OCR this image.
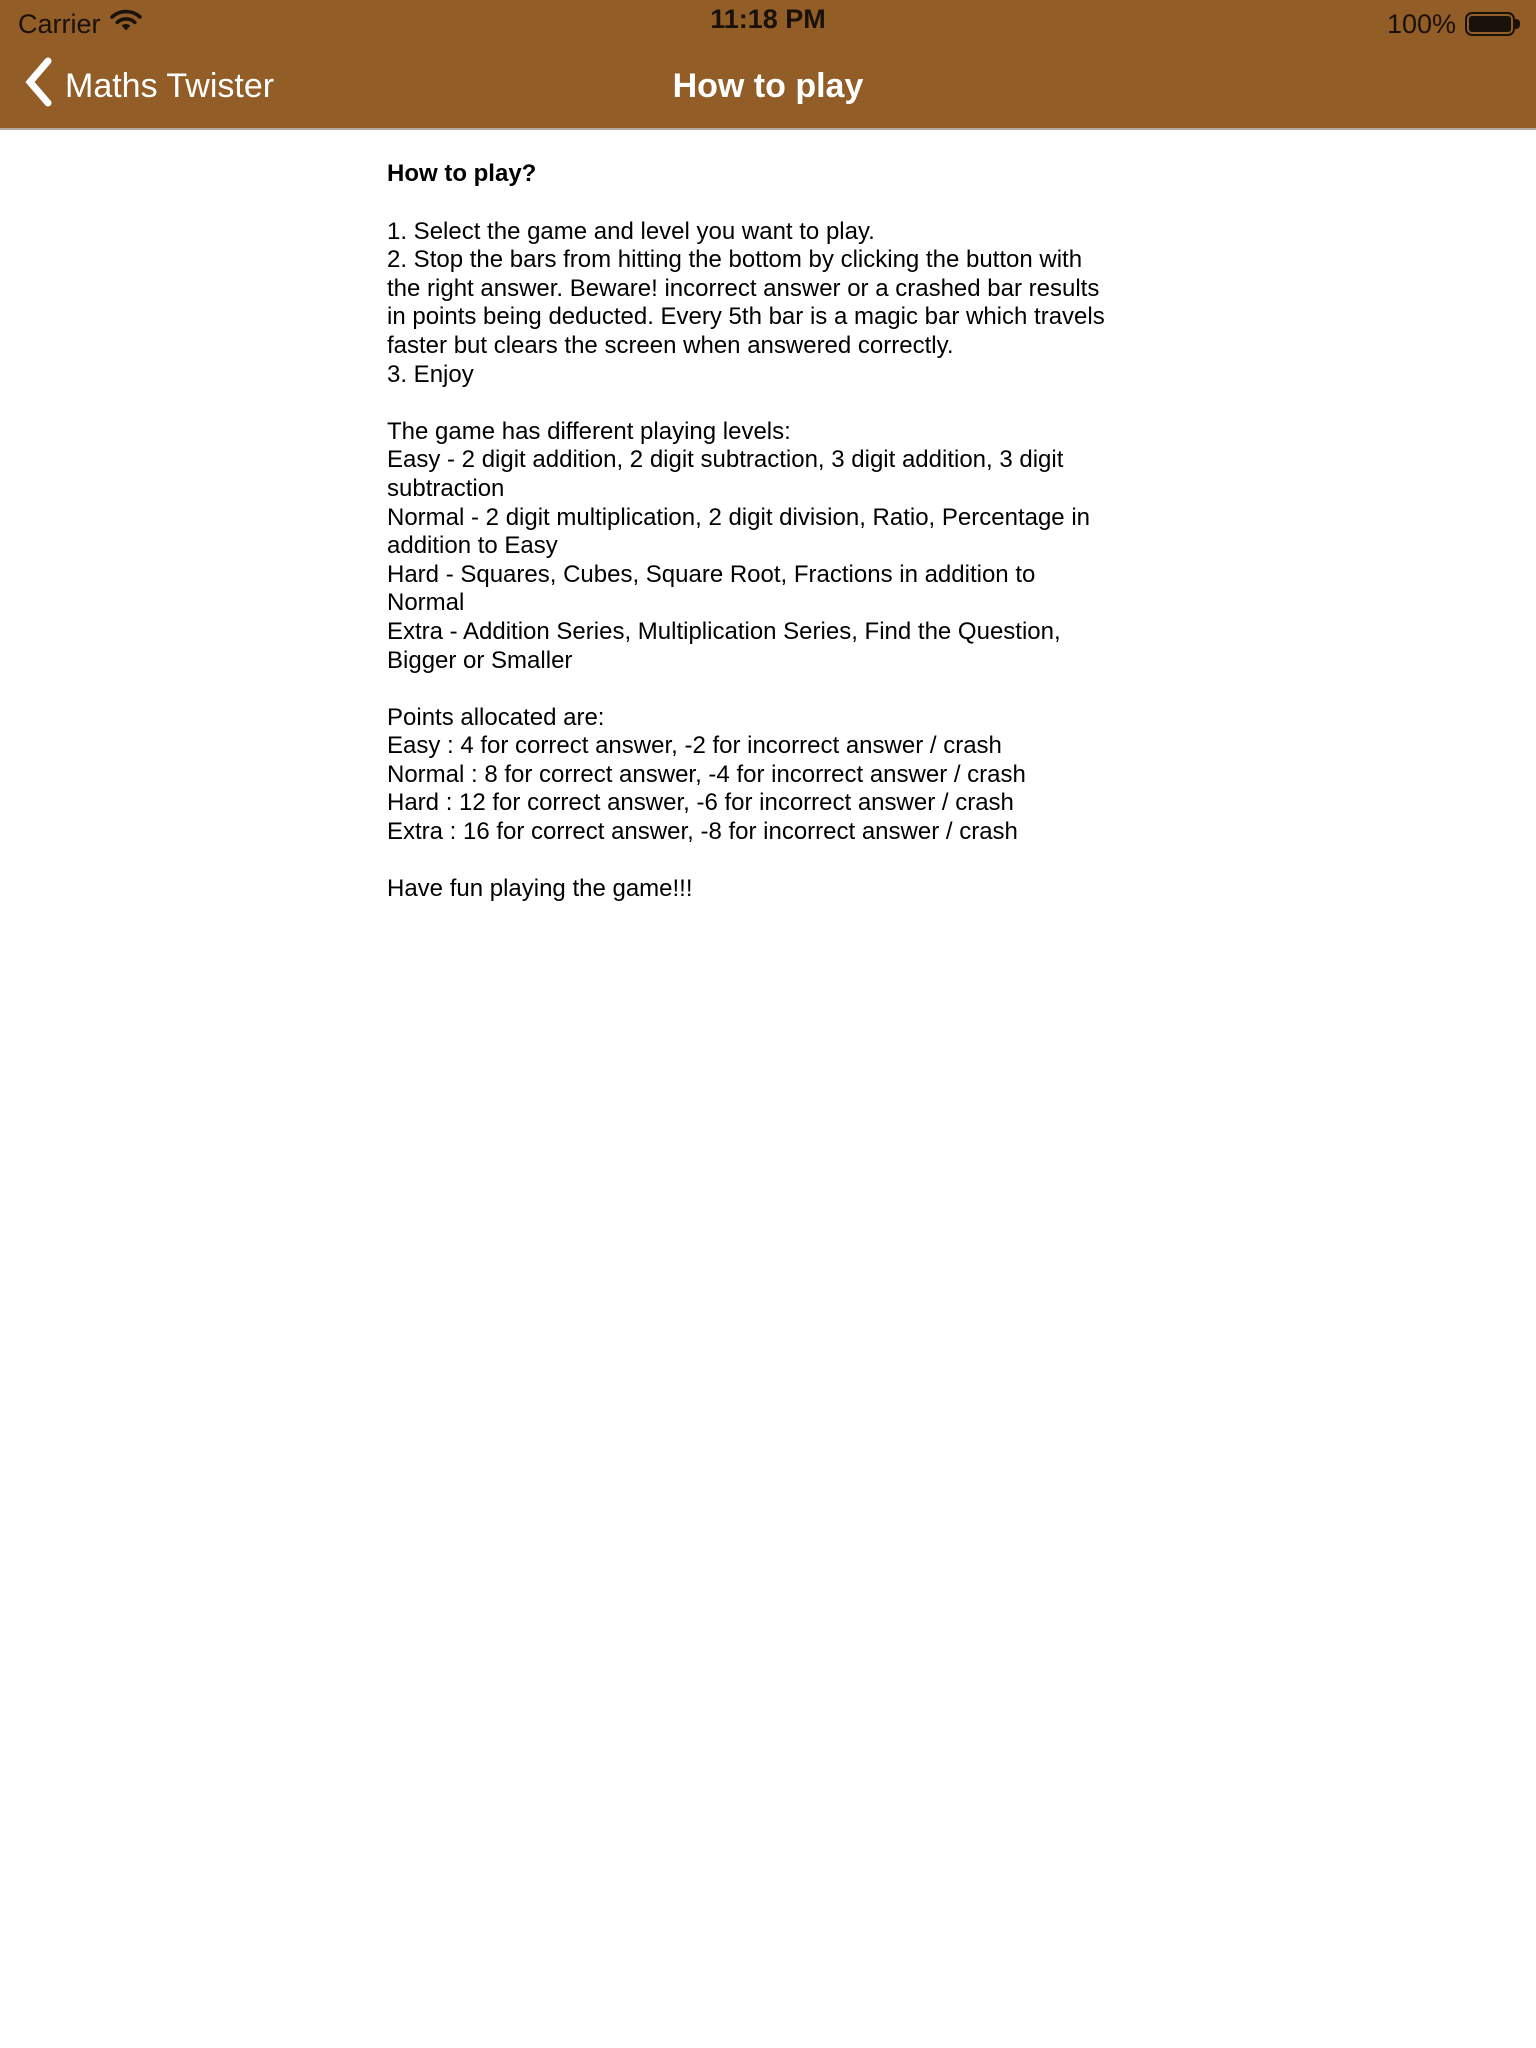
Carrier	11:18 PM	100%
Maths Twister	How to play
How to play?
1. Select the game and level you want to play.
2. Stop the bars from hitting the bottom by clicking the button with
the right answer. Beware! incorrect answer or a crashed bar results
in points being deducted. Every 5th bar is a magic bar which travels
faster but clears the screen when answered correctly.
3. Enjoy

The game has different playing levels:
Easy - 2 digit addition, 2 digit subtraction, 3 digit addition, 3 digit
subtraction
Normal - 2 digit multiplication, 2 digit division, Ratio, Percentage in
addition to Easy
Hard - Squares, Cubes, Square Root, Fractions in addition to
Normal
Extra - Addition Series, Multiplication Series, Find the Question,
Bigger or Smaller

Points allocated are:
Easy : 4 for correct answer, -2 for incorrect answer / crash
Normal : 8 for correct answer, -4 for incorrect answer / crash
Hard : 12 for correct answer, -6 for incorrect answer / crash
Extra : 16 for correct answer, -8 for incorrect answer / crash

Have fun playing the game!!!
